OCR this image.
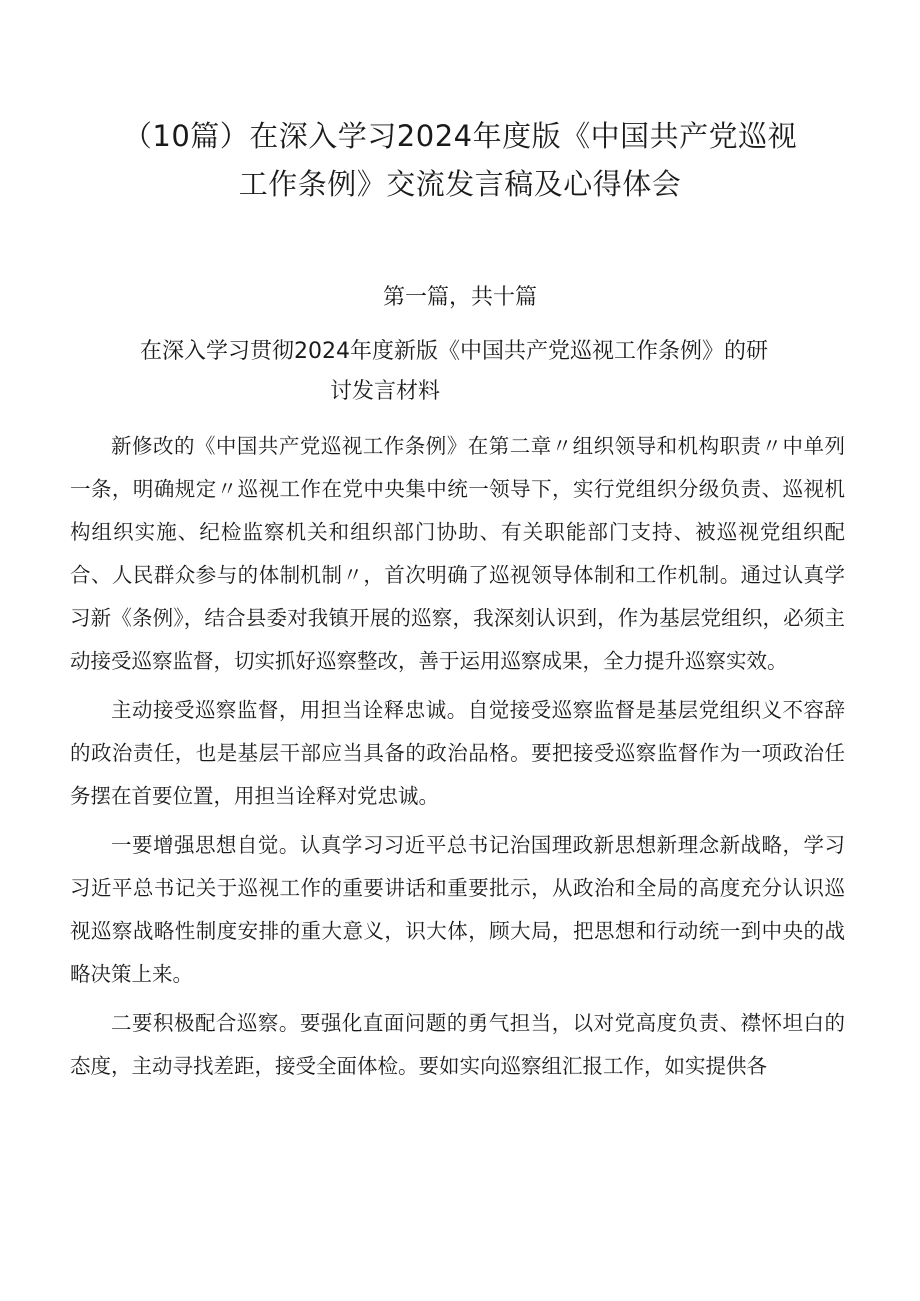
（10篇）在深入学习2024年度版《中国共产党巡视
工作条例》交流发言稿及心得体会
第一篇，共十篇
在深入学习贯彻2024年度新版《中国共产党巡视工作条例》的研
讨发言材料

新修改的《中国共产党巡视工作条例》在第二章〃组织领导和机构职责〃中单列一条，明确规定〃巡视工作在党中央集中统一领导下，实行党组织分级负责、巡视机构组织实施、纪检监察机关和组织部门协助、有关职能部门支持、被巡视党组织配合、人民群众参与的体制机制〃，首次明确了巡视领导体制和工作机制。通过认真学习新《条例》，结合县委对我镇开展的巡察，我深刻认识到，作为基层党组织，必须主动接受巡察监督，切实抓好巡察整改，善于运用巡察成果，全力提升巡察实效。

主动接受巡察监督，用担当诠释忠诚。自觉接受巡察监督是基层党组织义不容辞的政治责任，也是基层干部应当具备的政治品格。要把接受巡察监督作为一项政治任务摆在首要位置，用担当诠释对党忠诚。

一要增强思想自觉。认真学习习近平总书记治国理政新思想新理念新战略，学习习近平总书记关于巡视工作的重要讲话和重要批示，从政治和全局的高度充分认识巡视巡察战略性制度安排的重大意义，识大体，顾大局，把思想和行动统一到中央的战略决策上来。

二要积极配合巡察。要强化直面问题的勇气担当，以对党高度负责、襟怀坦白的态度，主动寻找差距，接受全面体检。要如实向巡察组汇报工作，如实提供各
